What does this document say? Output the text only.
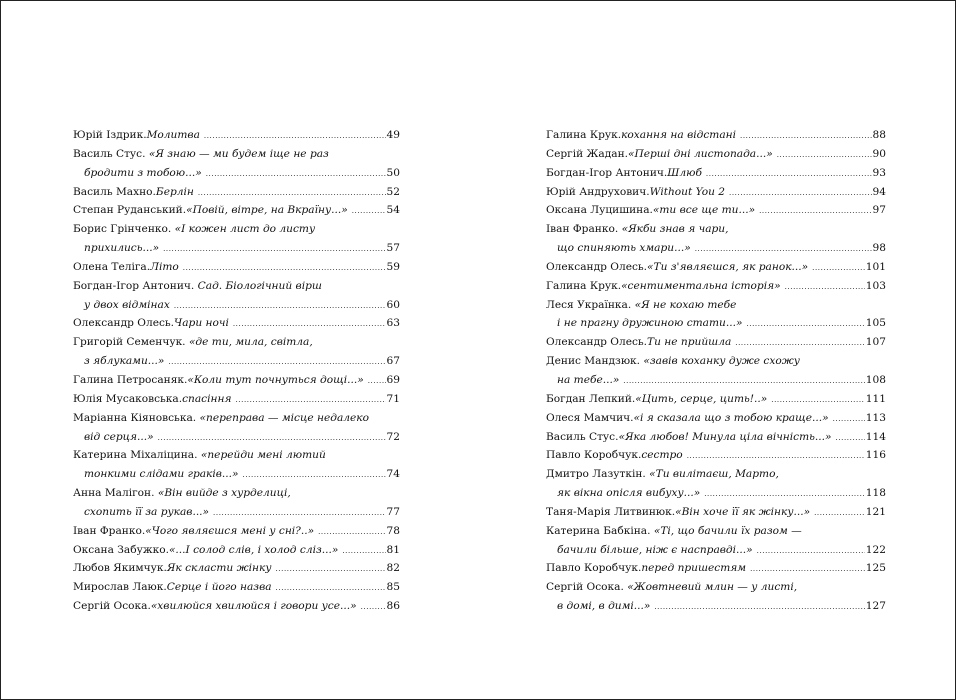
Юрій Іздрик. Молитва .....	49
Василь Стус. «Я знаю — ми будем іще не раз
бродити з тобою...» .....	50
Василь Махно. Берлін .....	52
Степан Руданський. «Повій, вітре, на Вкраїну...» .....	54
Борис Грінченко. «І кожен лист до листу
прихились...» .....	57
Олена Теліга. Літо .....	59
Богдан-Ігор Антонич. Сад. Біологічний вірш
у двох відмінах .....	60
Олександр Олесь. Чари ночі .....	63
Григорій Семенчук. «де ти, мила, світла,
з яблуками...» .....	67
Галина Петросаняк. «Коли тут почнуться дощі...» ..... 69
Юлія Мусаковська. спасіння .....	71
Маріанна Кіяновська. «переправа — місце недалеко
від серця...» .....	72
Катерина Міхаліцина. «перейди мені лютий
тонкими слідами граків...» .....	74
Анна Малігон. «Він вийде з хурделиці,
схопить її за рукав...» .....	77
Іван Франко. «Чого являєшся мені у сні?..» .....	78
Оксана Забужко. «...І солод слів, і холод сліз...» .....	81
Любов Якимчук. Як скласти жінку .....	82
Мирослав Лаюк. Серце і його назва .....	85
Сергій Осока. «хвилюйся хвилюйся і говори усе...» .....	86
Галина Крук. кохання на відстані .....	88
Сергій Жадан. «Перші дні листопада...» .....	90
Богдан-Ігор Антонич. Шлюб .....	93
Юрій Андрухович. Without You 2 .....	94
Оксана Луцишина. «ти все ще ти...» .....	97
Іван Франко. «Якби знав я чари,
що спиняють хмари...» .....	98
Олександр Олесь. «Ти з'являєшся, як ранок...» .....	101
Галина Крук. «сентиментальна історія» .....	103
Леся Українка. «Я не кохаю тебе
і не прагну дружиною стати...» .....	105
Олександр Олесь. Ти не прийшла .....	107
Денис Мандзюк. «завів коханку дуже схожу
на тебе...» .....	108
Богдан Лепкий. «Цить, серце, цить!..» .....	111
Олеся Мамчич. «і я сказала що з тобою краще...» .....	113
Василь Стус. «Яка любов! Минула ціла вічність...» .....	114
Павло Коробчук. сестро .....	116
Дмитро Лазуткін. «Ти вилітаєш, Марто,
як вікна опісля вибуху...» .....	118
Таня-Марія Литвинюк. «Він хоче її як жінку...» .....	121
Катерина Бабкіна. «Ті, що бачили їх разом —
бачили більше, ніж є насправді...» .....	122
Павло Коробчук. перед пришестям .....	125
Сергій Осока. «Жовтневий млин — у листі,
в домі, в димі...» .....	127
